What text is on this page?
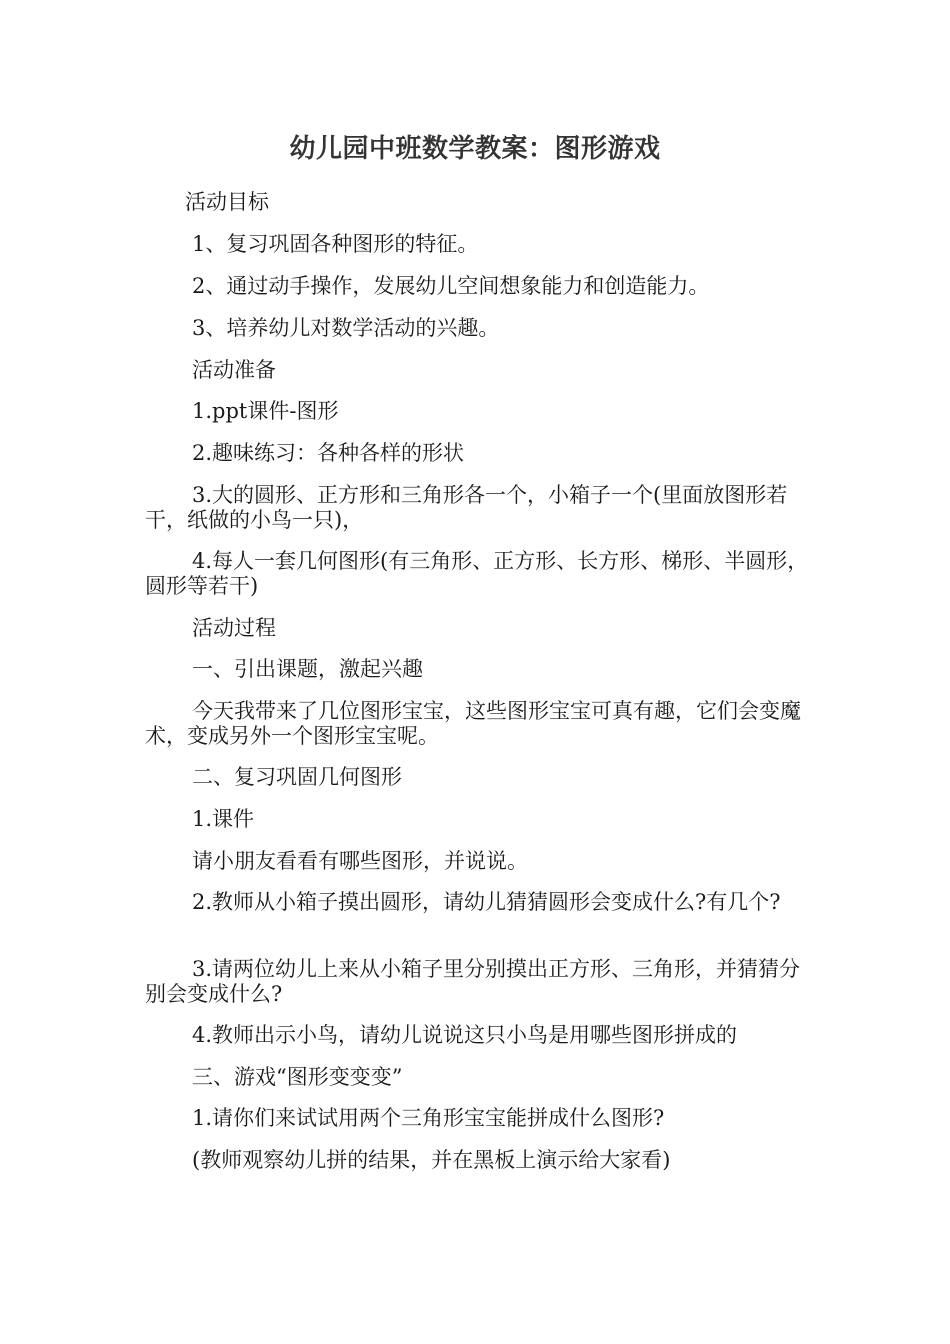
幼儿园中班数学教案：图形游戏
活动目标
1、复习巩固各种图形的特征。
2、通过动手操作，发展幼儿空间想象能力和创造能力。
3、培养幼儿对数学活动的兴趣。
活动准备
1.ppt课件-图形
2.趣味练习：各种各样的形状
3.大的圆形、正方形和三角形各一个，小箱子一个(里面放图形若干，纸做的小鸟一只)，
4.每人一套几何图形(有三角形、正方形、长方形、梯形、半圆形，圆形等若干)
活动过程
一、引出课题，激起兴趣
今天我带来了几位图形宝宝，这些图形宝宝可真有趣，它们会变魔术，变成另外一个图形宝宝呢。
二、复习巩固几何图形
1.课件
请小朋友看看有哪些图形，并说说。
2.教师从小箱子摸出圆形，请幼儿猜猜圆形会变成什么?有几个?
3.请两位幼儿上来从小箱子里分别摸出正方形、三角形，并猜猜分别会变成什么?
4.教师出示小鸟，请幼儿说说这只小鸟是用哪些图形拼成的
三、游戏“图形变变变”
1.请你们来试试用两个三角形宝宝能拼成什么图形?
(教师观察幼儿拼的结果，并在黑板上演示给大家看)
